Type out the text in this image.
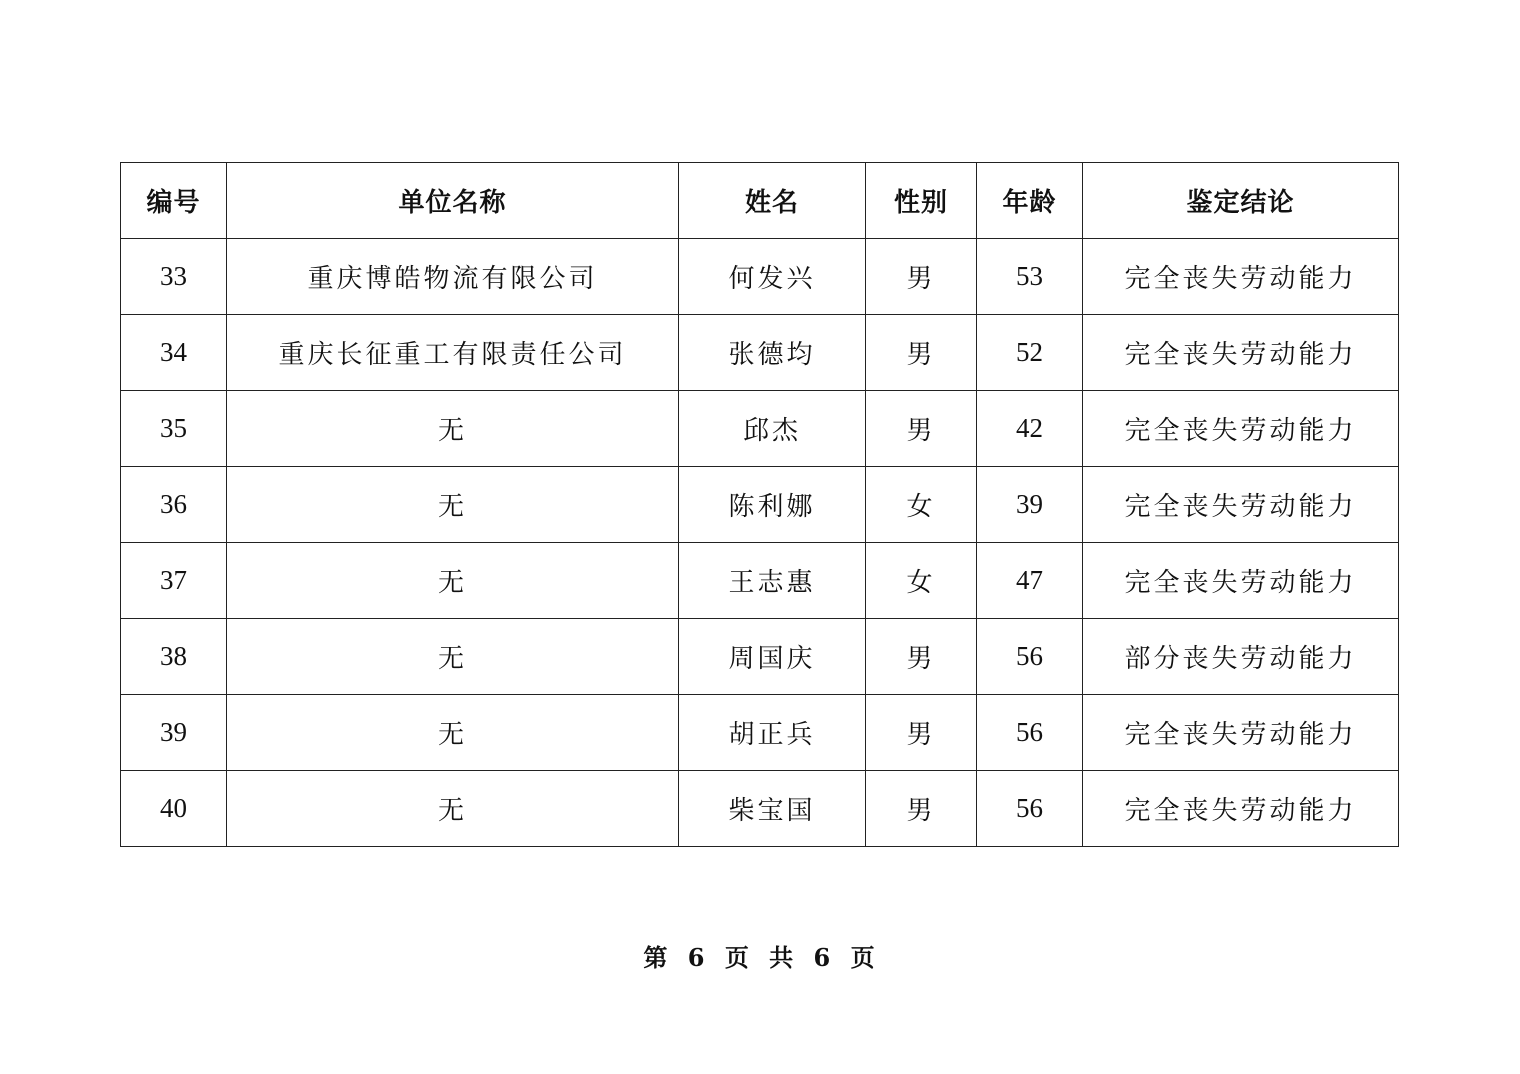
编号	单位名称	姓名	性别	年龄	鉴定结论
33	重庆博皓物流有限公司	何发兴	男	53	完全丧失劳动能力
34	重庆长征重工有限责任公司	张德均	男	52	完全丧失劳动能力
35	无	邱杰	男	42	完全丧失劳动能力
36	无	陈利娜	女	39	完全丧失劳动能力
37	无	王志惠	女	47	完全丧失劳动能力
38	无	周国庆	男	56	部分丧失劳动能力
39	无	胡正兵	男	56	完全丧失劳动能力
40	无	柴宝国	男	56	完全丧失劳动能力
第 6 页 共 6 页
